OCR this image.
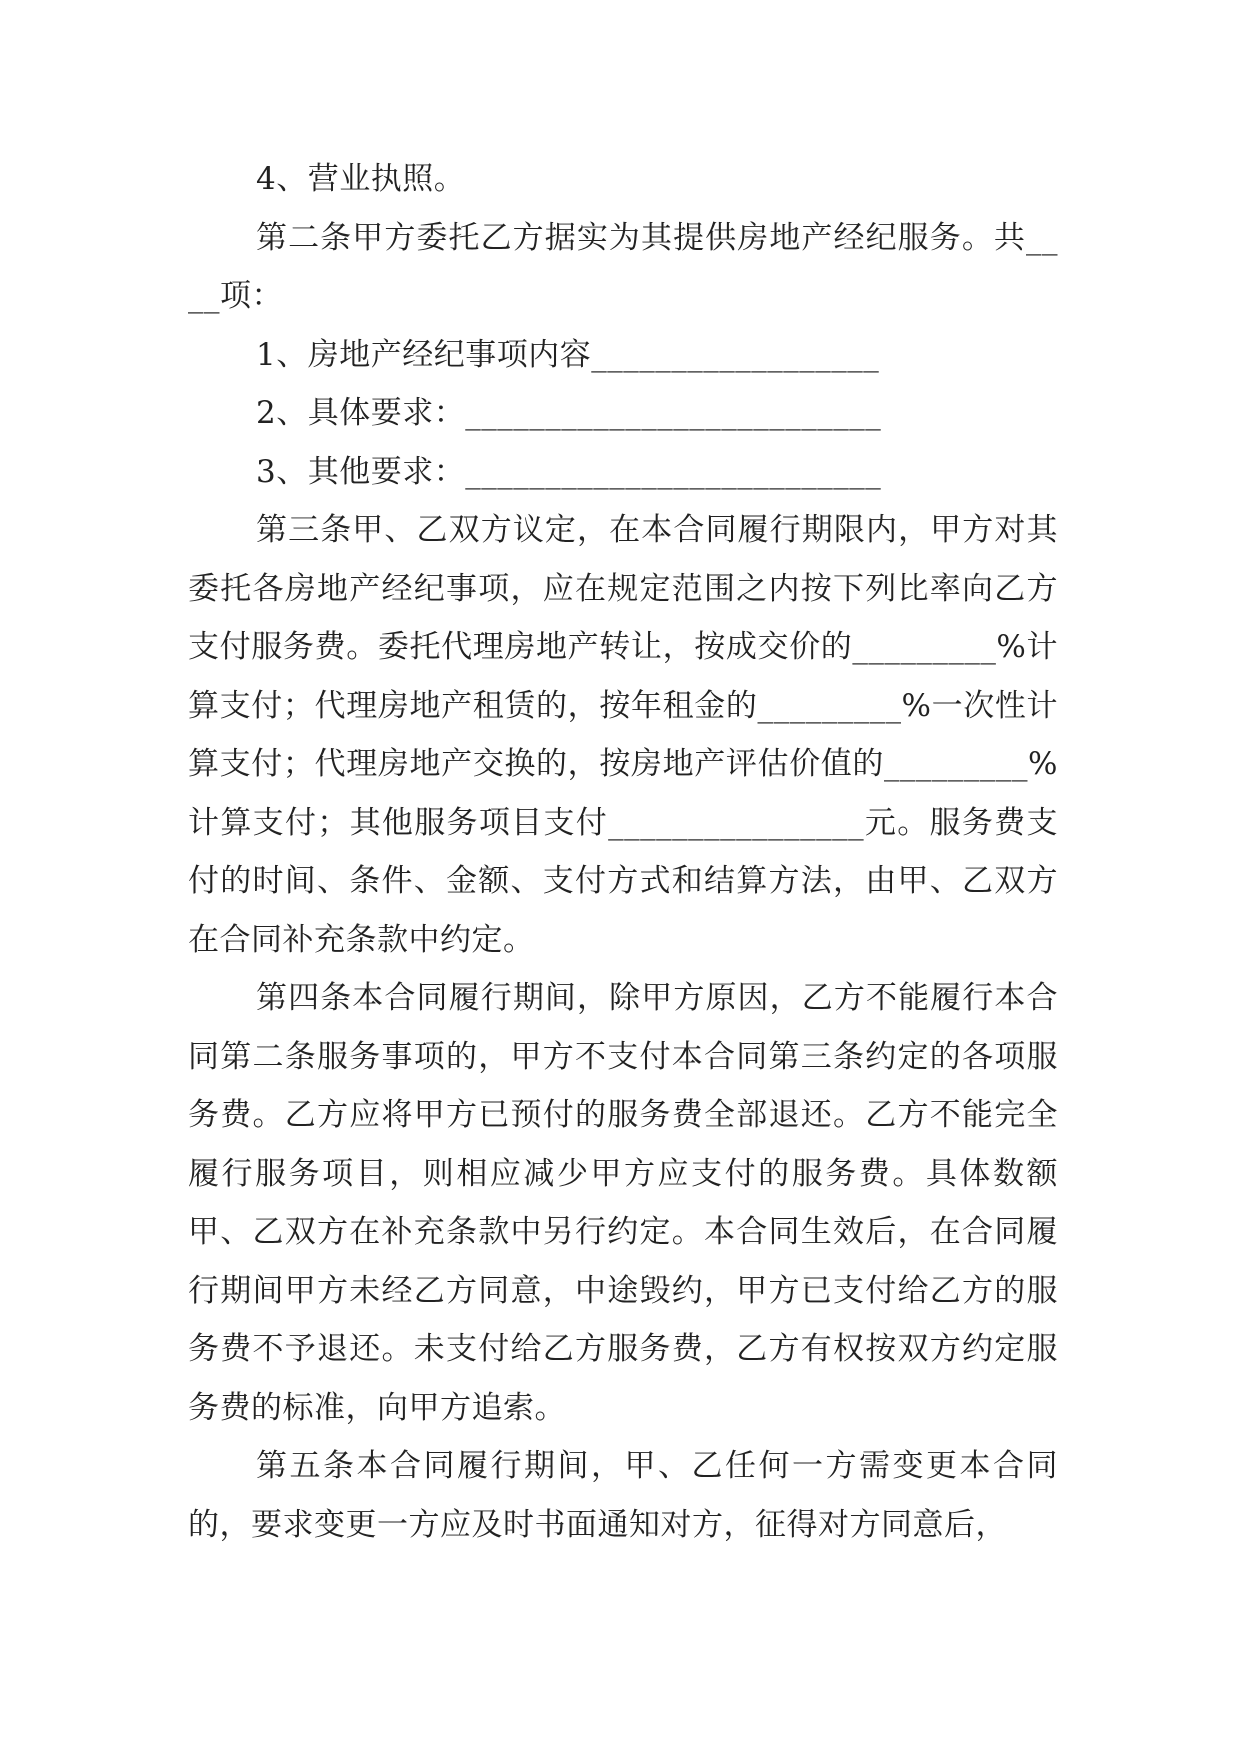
4、营业执照。

第二条甲方委托乙方据实为其提供房地产经纪服务。共____项：

1、房地产经纪事项内容__________________

2、具体要求：__________________________

3、其他要求：__________________________

第三条甲、乙双方议定，在本合同履行期限内，甲方对其委托各房地产经纪事项，应在规定范围之内按下列比率向乙方支付服务费。委托代理房地产转让，按成交价的_________%计算支付；代理房地产租赁的，按年租金的_________%一次性计算支付；代理房地产交换的，按房地产评估价值的_________%计算支付；其他服务项目支付________________元。服务费支付的时间、条件、金额、支付方式和结算方法，由甲、乙双方在合同补充条款中约定。

第四条本合同履行期间，除甲方原因，乙方不能履行本合同第二条服务事项的，甲方不支付本合同第三条约定的各项服务费。乙方应将甲方已预付的服务费全部退还。乙方不能完全履行服务项目，则相应减少甲方应支付的服务费。具体数额甲、乙双方在补充条款中另行约定。本合同生效后，在合同履行期间甲方未经乙方同意，中途毁约，甲方已支付给乙方的服务费不予退还。未支付给乙方服务费，乙方有权按双方约定服务费的标准，向甲方追索。

第五条本合同履行期间，甲、乙任何一方需变更本合同的，要求变更一方应及时书面通知对方，征得对方同意后，
